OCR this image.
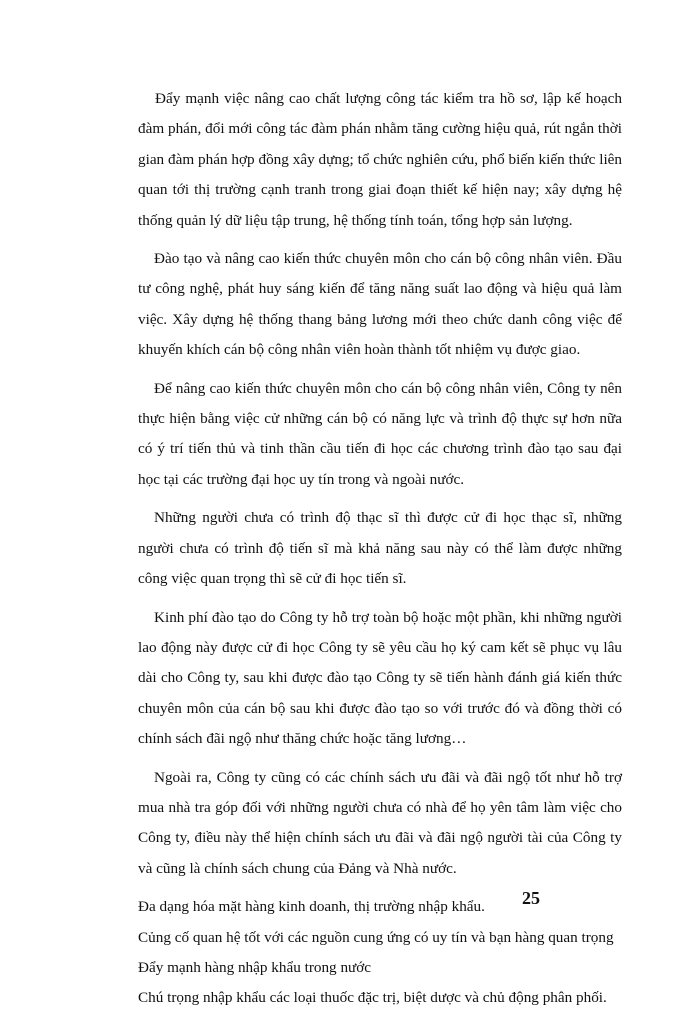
Đẩy mạnh việc nâng cao chất lượng công tác kiểm tra hồ sơ, lập kế hoạch đàm phán, đổi mới công tác đàm phán nhằm tăng cường hiệu quả, rút ngắn thời gian đàm phán hợp đồng xây dựng; tổ chức nghiên cứu, phổ biến kiến thức liên quan tới thị trường cạnh tranh trong giai đoạn thiết kế hiện nay; xây dựng hệ thống quản lý dữ liệu tập trung, hệ thống tính toán, tổng hợp sản lượng.

Đào tạo và nâng cao kiến thức chuyên môn cho cán bộ công nhân viên. Đầu tư công nghệ, phát huy sáng kiến để tăng năng suất lao động và hiệu quả làm việc. Xây dựng hệ thống thang bảng lương mới theo chức danh công việc để khuyến khích cán bộ công nhân viên hoàn thành tốt nhiệm vụ được giao.

Để nâng cao kiến thức chuyên môn cho cán bộ công nhân viên, Công ty nên thực hiện bằng việc cử những cán bộ có năng lực và trình độ thực sự hơn nữa có ý trí tiến thủ và tinh thần cầu tiến đi học các chương trình đào tạo sau đại học tại các trường đại học uy tín trong và ngoài nước.

Những người chưa có trình độ thạc sĩ thì được cử đi học thạc sĩ, những người chưa có trình độ tiến sĩ mà khả năng sau này có thể làm được những công việc quan trọng thì sẽ cử đi học tiến sĩ.

Kinh phí đào tạo do Công ty hỗ trợ toàn bộ hoặc một phần, khi những người lao động này được cử đi học Công ty sẽ yêu cầu họ ký cam kết sẽ phục vụ lâu dài cho Công ty, sau khi được đào tạo Công ty sẽ tiến hành đánh giá kiến thức chuyên môn của cán bộ sau khi được đào tạo so với trước đó và đồng thời có chính sách đãi ngộ như thăng chức hoặc tăng lương…

Ngoài ra, Công ty cũng có các chính sách ưu đãi và đãi ngộ tốt như hỗ trợ mua nhà tra góp đối với những người chưa có nhà để họ yên tâm làm việc cho Công ty, điều này thể hiện chính sách ưu đãi và đãi ngộ người tài của Công ty và cũng là chính sách chung của Đảng và Nhà nước.

Đa dạng hóa mặt hàng kinh doanh, thị trường nhập khẩu.
Củng cố quan hệ tốt với các nguồn cung ứng có uy tín và bạn hàng quan trọng
Đẩy mạnh hàng nhập khẩu trong nước
Chú trọng nhập khẩu các loại thuốc đặc trị, biệt dược và chủ động phân phối.
25
